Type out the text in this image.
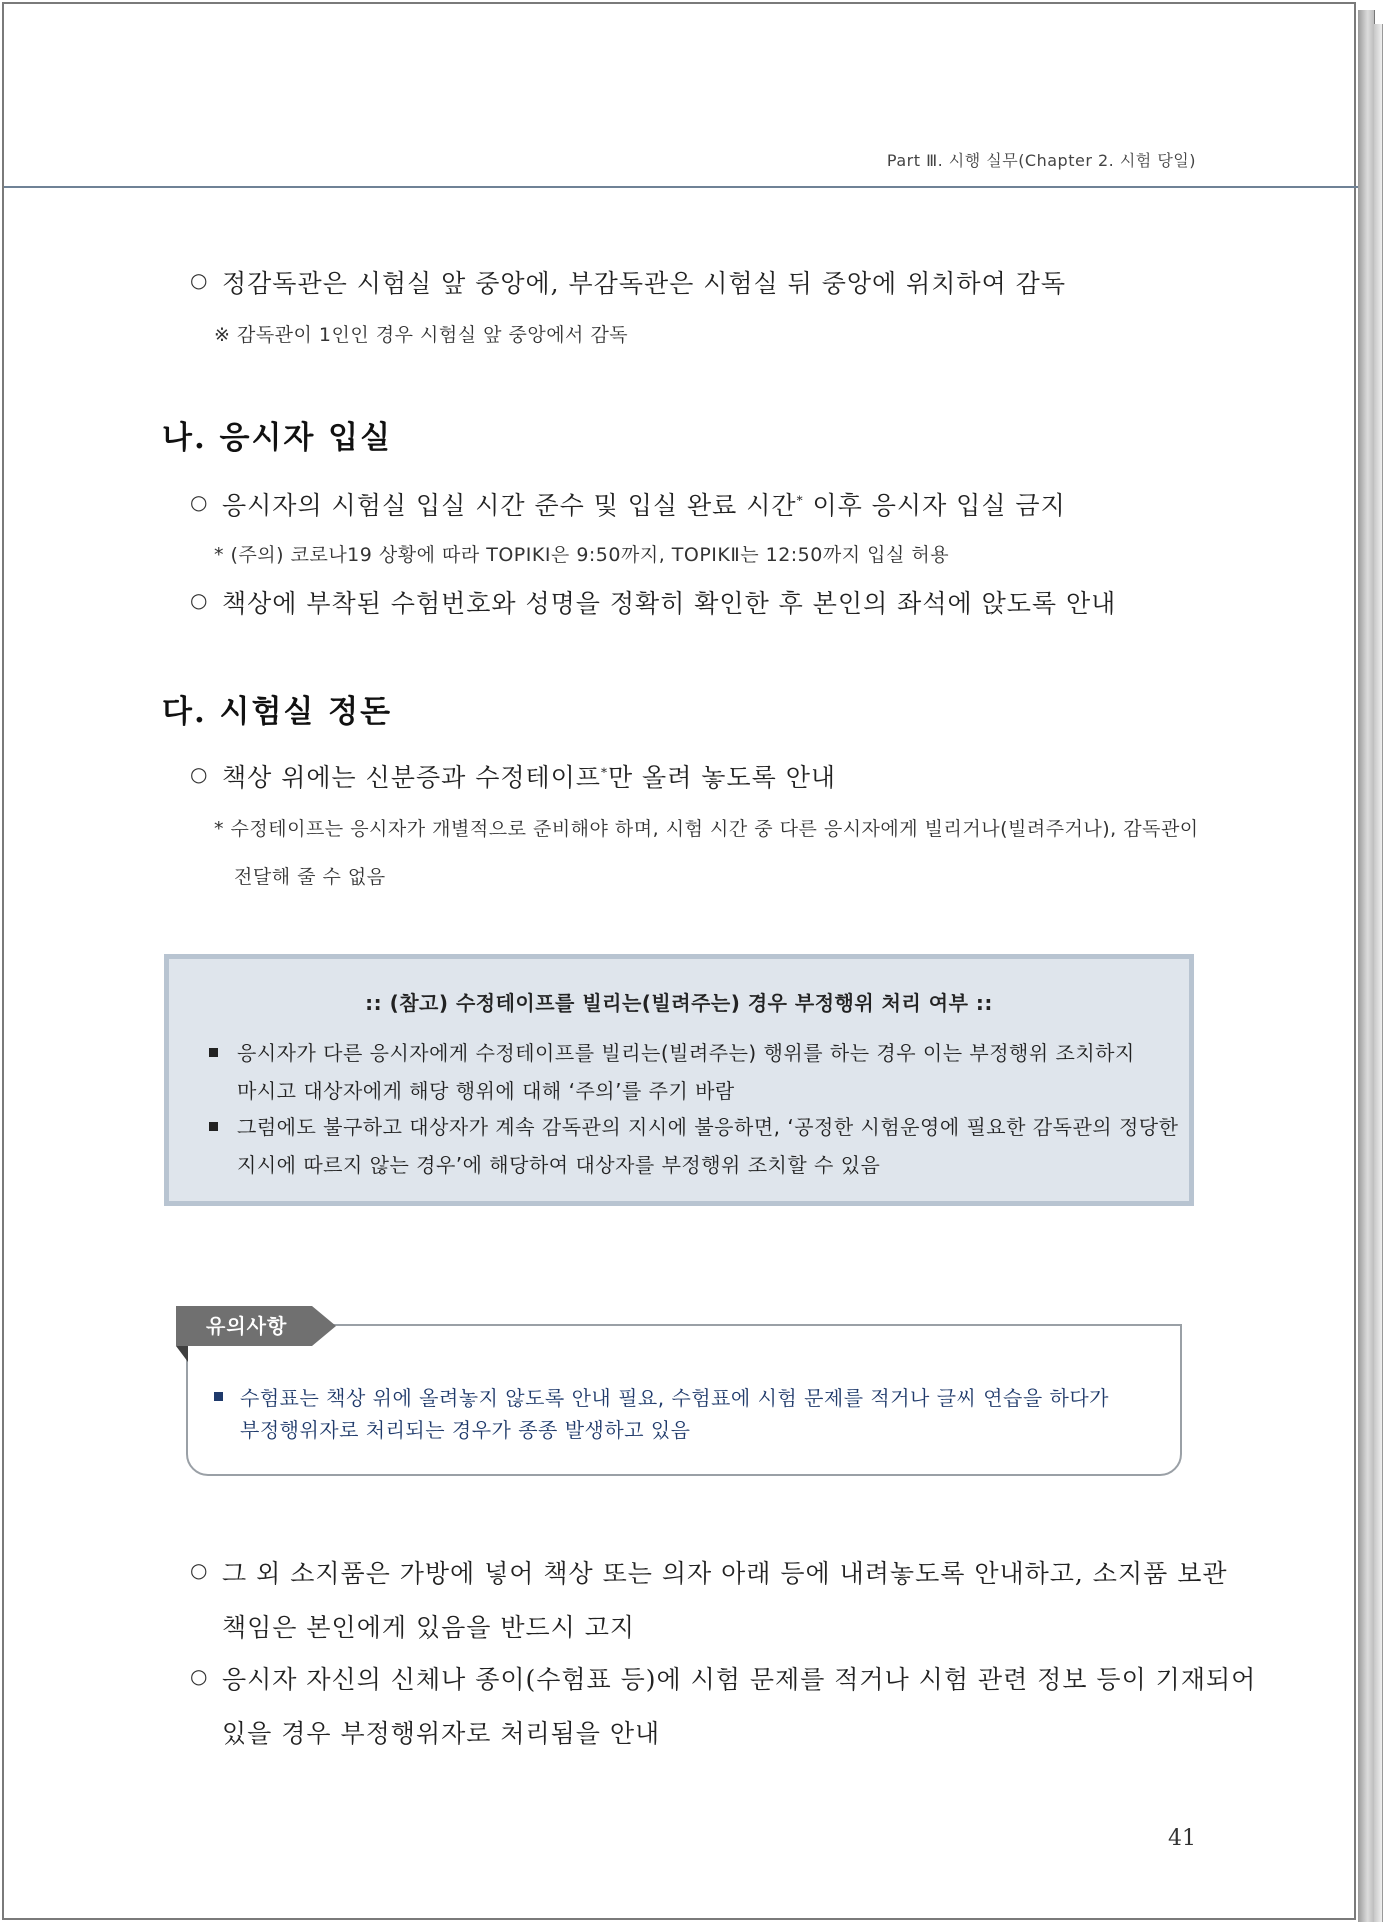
Part Ⅲ. 시행 실무(Chapter 2. 시험 당일)
○ 정감독관은 시험실 앞 중앙에, 부감독관은 시험실 뒤 중앙에 위치하여 감독
※ 감독관이 1인인 경우 시험실 앞 중앙에서 감독
나. 응시자 입실
○ 응시자의 시험실 입실 시간 준수 및 입실 완료 시간* 이후 응시자 입실 금지
* (주의) 코로나19 상황에 따라 TOPIKⅠ은 9:50까지, TOPIKⅡ는 12:50까지 입실 허용
○ 책상에 부착된 수험번호와 성명을 정확히 확인한 후 본인의 좌석에 앉도록 안내
다. 시험실 정돈
○ 책상 위에는 신분증과 수정테이프*만 올려 놓도록 안내
* 수정테이프는 응시자가 개별적으로 준비해야 하며, 시험 시간 중 다른 응시자에게 빌리거나(빌려주거나), 감독관이
전달해 줄 수 없음
:: (참고) 수정테이프를 빌리는(빌려주는) 경우 부정행위 처리 여부 ::
응시자가 다른 응시자에게 수정테이프를 빌리는(빌려주는) 행위를 하는 경우 이는 부정행위 조치하지
마시고 대상자에게 해당 행위에 대해 ‘주의’를 주기 바람
그럼에도 불구하고 대상자가 계속 감독관의 지시에 불응하면, ‘공정한 시험운영에 필요한 감독관의 정당한
지시에 따르지 않는 경우’에 해당하여 대상자를 부정행위 조치할 수 있음
유의사항
수험표는 책상 위에 올려놓지 않도록 안내 필요, 수험표에 시험 문제를 적거나 글씨 연습을 하다가
부정행위자로 처리되는 경우가 종종 발생하고 있음
○ 그 외 소지품은 가방에 넣어 책상 또는 의자 아래 등에 내려놓도록 안내하고, 소지품 보관
책임은 본인에게 있음을 반드시 고지
○ 응시자 자신의 신체나 종이(수험표 등)에 시험 문제를 적거나 시험 관련 정보 등이 기재되어
있을 경우 부정행위자로 처리됨을 안내
41
